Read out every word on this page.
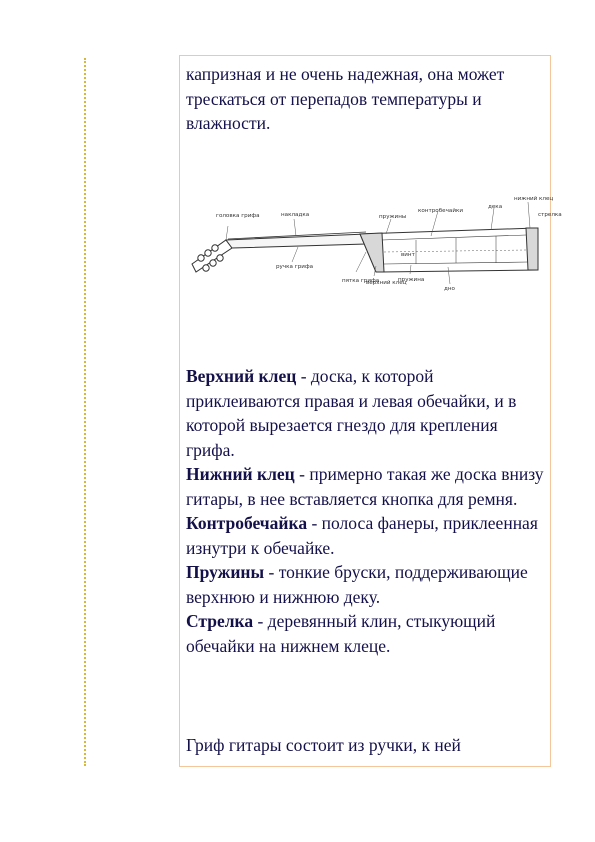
капризная и не очень надежная, она может трескаться от перепадов температуры и влажности.
головка грифа	накладка
ручка грифа
пятка грифа
верхний клец
пружины
контробечайки
дека
нижний клец
стрелка
винт
пружина
дно

Верхний клец - доска, к которой приклеиваются правая и левая обечайки, и в которой вырезается гнездо для крепления грифа.

Нижний клец - примерно такая же доска внизу гитары, в нее вставляется кнопка для ремня.

Контробечайка - полоса фанеры, приклеенная изнутри к обечайке.

Пружины - тонкие бруски, поддерживающие верхнюю и нижнюю деку.

Стрелка - деревянный клин, стыкующий обечайки на нижнем клеце.

Гриф гитары состоит из ручки, к ней
